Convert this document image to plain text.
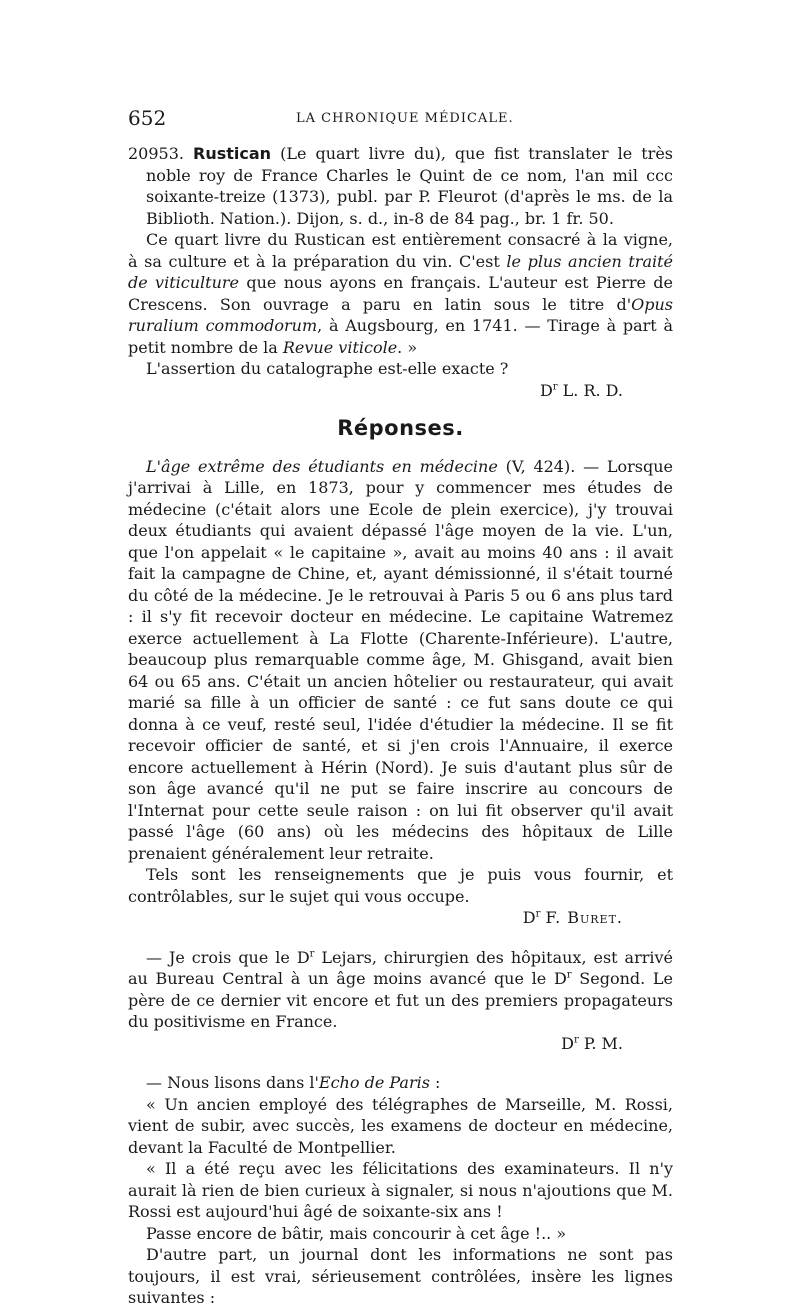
652	LA CHRONIQUE MÉDICALE.

20953. Rustican (Le quart livre du), que fist translater le très noble roy de France Charles le Quint de ce nom, l'an mil ccc soixante-treize (1373), publ. par P. Fleurot (d'après le ms. de la Biblioth. Nation.). Dijon, s. d., in-8 de 84 pag., br. 1 fr. 50.

Ce quart livre du Rustican est entièrement consacré à la vigne, à sa culture et à la préparation du vin. C'est le plus ancien traité de viticulture que nous ayons en français. L'auteur est Pierre de Crescens. Son ouvrage a paru en latin sous le titre d'Opus ruralium commodorum, à Augsbourg, en 1741. — Tirage à part à petit nombre de la Revue viticole. »

L'assertion du catalographe est-elle exacte ?

$D^r$ L. R. D.

Réponses.

L'âge extrême des étudiants en médecine (V, 424). — Lorsque j'arrivai à Lille, en 1873, pour y commencer mes études de médecine (c'était alors une Ecole de plein exercice), j'y trouvai deux étudiants qui avaient dépassé l'âge moyen de la vie. L'un, que l'on appelait « le capitaine », avait au moins 40 ans : il avait fait la campagne de Chine, et, ayant démissionné, il s'était tourné du côté de la médecine. Je le retrouvai à Paris 5 ou 6 ans plus tard : il s'y fit recevoir docteur en médecine. Le capitaine Watremez exerce actuellement à La Flotte (Charente-Inférieure). L'autre, beaucoup plus remarquable comme âge, M. Ghisgand, avait bien 64 ou 65 ans. C'était un ancien hôtelier ou restaurateur, qui avait marié sa fille à un officier de santé : ce fut sans doute ce qui donna à ce veuf, resté seul, l'idée d'étudier la médecine. Il se fit recevoir officier de santé, et si j'en crois l'Annuaire, il exerce encore actuellement à Hérin (Nord). Je suis d'autant plus sûr de son âge avancé qu'il ne put se faire inscrire au concours de l'Internat pour cette seule raison : on lui fit observer qu'il avait passé l'âge (60 ans) où les médecins des hôpitaux de Lille prenaient généralement leur retraite.

Tels sont les renseignements que je puis vous fournir, et contrôlables, sur le sujet qui vous occupe.

$D^r$ F. Buret.

— Je crois que le $D^r$ Lejars, chirurgien des hôpitaux, est arrivé au Bureau Central à un âge moins avancé que le $D^r$ Segond. Le père de ce dernier vit encore et fut un des premiers propagateurs du positivisme en France.

$D^r$ P. M.

— Nous lisons dans l'Echo de Paris :

« Un ancien employé des télégraphes de Marseille, M. Rossi, vient de subir, avec succès, les examens de docteur en médecine, devant la Faculté de Montpellier.

« Il a été reçu avec les félicitations des examinateurs. Il n'y aurait là rien de bien curieux à signaler, si nous n'ajoutions que M. Rossi est aujourd'hui âgé de soixante-six ans !

Passe encore de bâtir, mais concourir à cet âge !.. »

D'autre part, un journal dont les informations ne sont pas toujours, il est vrai, sérieusement contrôlées, insère les lignes suivantes :
